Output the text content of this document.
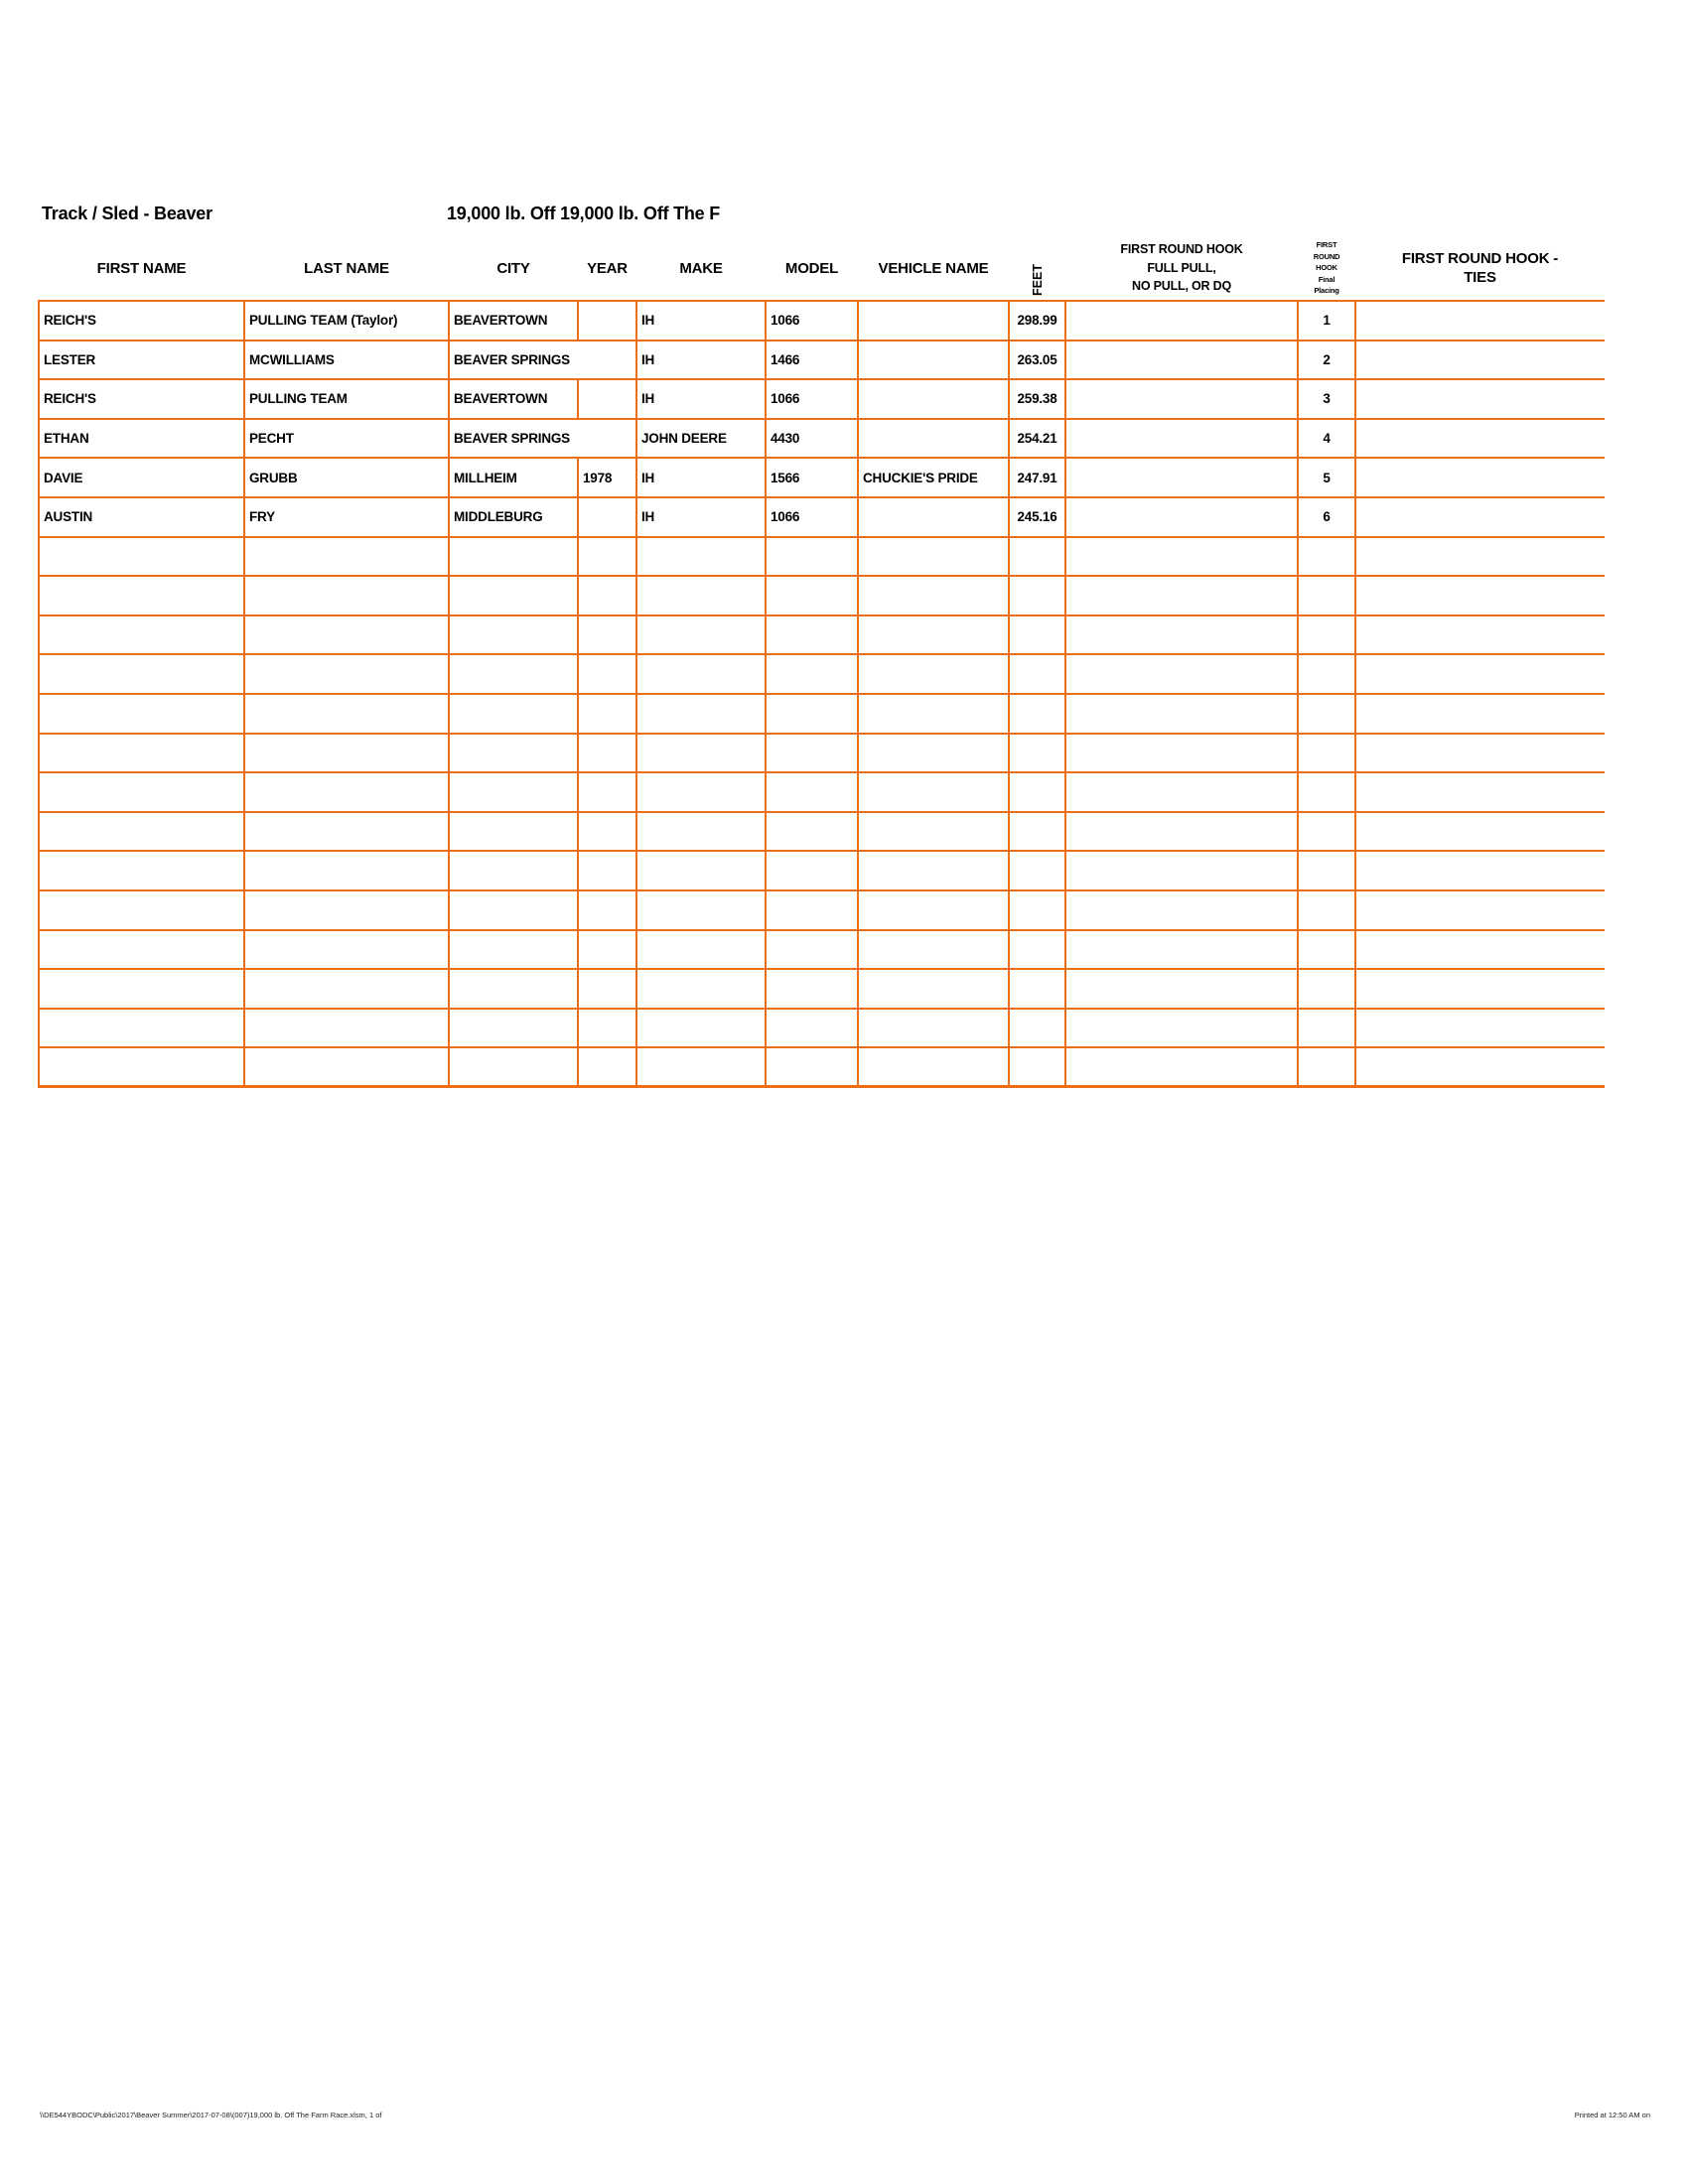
Track / Sled - Beaver	19,000 lb. Off 19,000 lb. Off The F
FIRST NAME	LAST NAME	CITY	YEAR	MAKE	MODEL	VEHICLE NAME	FEET	FIRST ROUND HOOK
FULL PULL,
NO PULL, OR DQ	FIRST
ROUND
HOOK
Final
Placing	FIRST ROUND HOOK -
TIES

REICH'S	PULLING TEAM (Taylor)	BEAVERTOWN		IH	1066		298.99		1	
LESTER	MCWILLIAMS	BEAVER SPRINGS		IH	1466		263.05		2	
REICH'S	PULLING TEAM	BEAVERTOWN		IH	1066		259.38		3	
ETHAN	PECHT	BEAVER SPRINGS		JOHN DEERE	4430		254.21		4	
DAVIE	GRUBB	MILLHEIM	1978	IH	1566	CHUCKIE'S PRIDE	247.91		5	
AUSTIN	FRY	MIDDLEBURG		IH	1066		245.16		6	

\\DE544YBODC\Public\2017\Beaver Summer\2017-07-08\(007)19,000 lb. Off The Farm Race.xlsm, 1 of	Printed at 12:50 AM on
